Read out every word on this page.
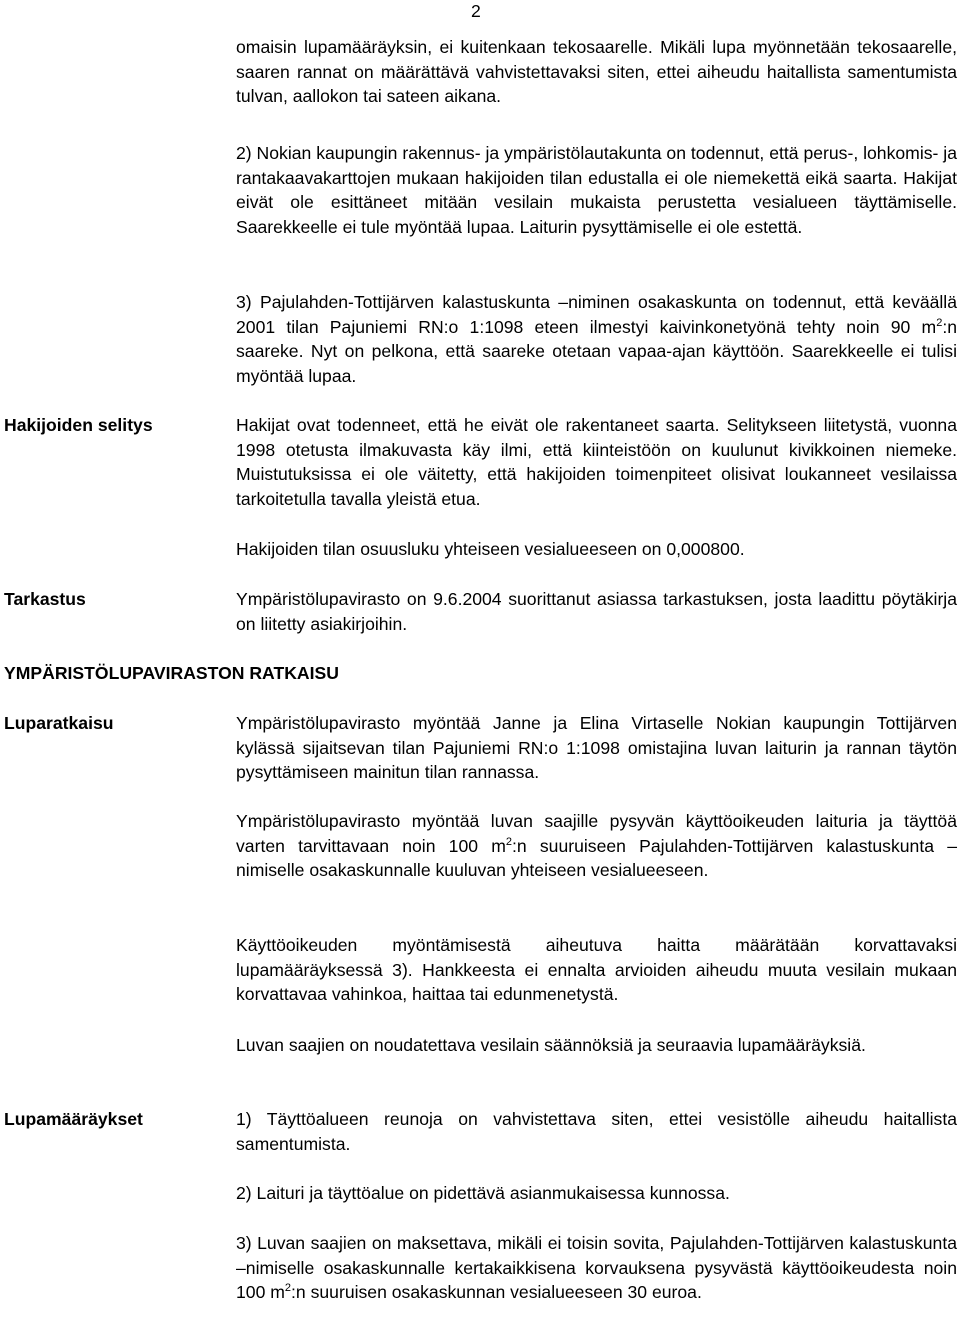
2

omaisin lupamääräyksin, ei kuitenkaan tekosaarelle. Mikäli lupa myönnetään tekosaarelle, saaren rannat on määrättävä vahvistettavaksi siten, ettei aiheudu haitallista samentumista tulvan, aallokon tai sateen aikana.

2) Nokian kaupungin rakennus- ja ympäristölautakunta on todennut, että perus-, lohkomis- ja rantakaavakarttojen mukaan hakijoiden tilan edustalla ei ole niemekettä eikä saarta. Hakijat eivät ole esittäneet mitään vesilain mukaista perustetta vesialueen täyttämiselle. Saarekkeelle ei tule myöntää lupaa. Laiturin pysyttämiselle ei ole estettä.

3) Pajulahden-Tottijärven kalastuskunta –niminen osakaskunta on todennut, että keväällä 2001 tilan Pajuniemi RN:o 1:1098 eteen ilmestyi kaivinkonetyönä tehty noin 90 $m^2:n$ saareke. Nyt on pelkona, että saareke otetaan vapaa-ajan käyttöön. Saarekkeelle ei tulisi myöntää lupaa.

Hakijoiden selitys	Hakijat ovat todenneet, että he eivät ole rakentaneet saarta. Selitykseen liitetystä, vuonna 1998 otetusta ilmakuvasta käy ilmi, että kiinteistöön on kuulunut kivikkoinen niemeke. Muistutuksissa ei ole väitetty, että hakijoiden toimenpiteet olisivat loukanneet vesilaissa tarkoitetulla tavalla yleistä etua.

Hakijoiden tilan osuusluku yhteiseen vesialueeseen on 0,000800.

Tarkastus	Ympäristölupavirasto on 9.6.2004 suorittanut asiassa tarkastuksen, josta laadittu pöytäkirja on liitetty asiakirjoihin.

YMPÄRISTÖLUPAVIRASTON RATKAISU
Luparatkaisu	Ympäristölupavirasto myöntää Janne ja Elina Virtaselle Nokian kaupungin Tottijärven kylässä sijaitsevan tilan Pajuniemi RN:o 1:1098 omistajina luvan laiturin ja rannan täytön pysyttämiseen mainitun tilan rannassa.

Ympäristölupavirasto myöntää luvan saajille pysyvän käyttöoikeuden laituria ja täyttöä varten tarvittavaan noin 100 $m^2:n$ suuruiseen Pajulahden-Tottijärven kalastuskunta –nimiselle osakaskunnalle kuuluvan yhteiseen vesialueeseen.

Käyttöoikeuden myöntämisestä aiheutuva haitta määrätään korvattavaksi lupamääräyksessä 3). Hankkeesta ei ennalta arvioiden aiheudu muuta vesilain mukaan korvattavaa vahinkoa, haittaa tai edunmenetystä.

Luvan saajien on noudatettava vesilain säännöksiä ja seuraavia lupamääräyksiä.

Lupamääräykset	1) Täyttöalueen reunoja on vahvistettava siten, ettei vesistölle aiheudu haitallista samentumista.

2) Laituri ja täyttöalue on pidettävä asianmukaisessa kunnossa.

3) Luvan saajien on maksettava, mikäli ei toisin sovita, Pajulahden-Tottijärven kalastuskunta –nimiselle osakaskunnalle kertakaikkisena korvauksena pysyvästä käyttöoikeudesta noin 100 $m^2:n$ suuruisen osakaskunnan vesialueeseen 30 euroa.
